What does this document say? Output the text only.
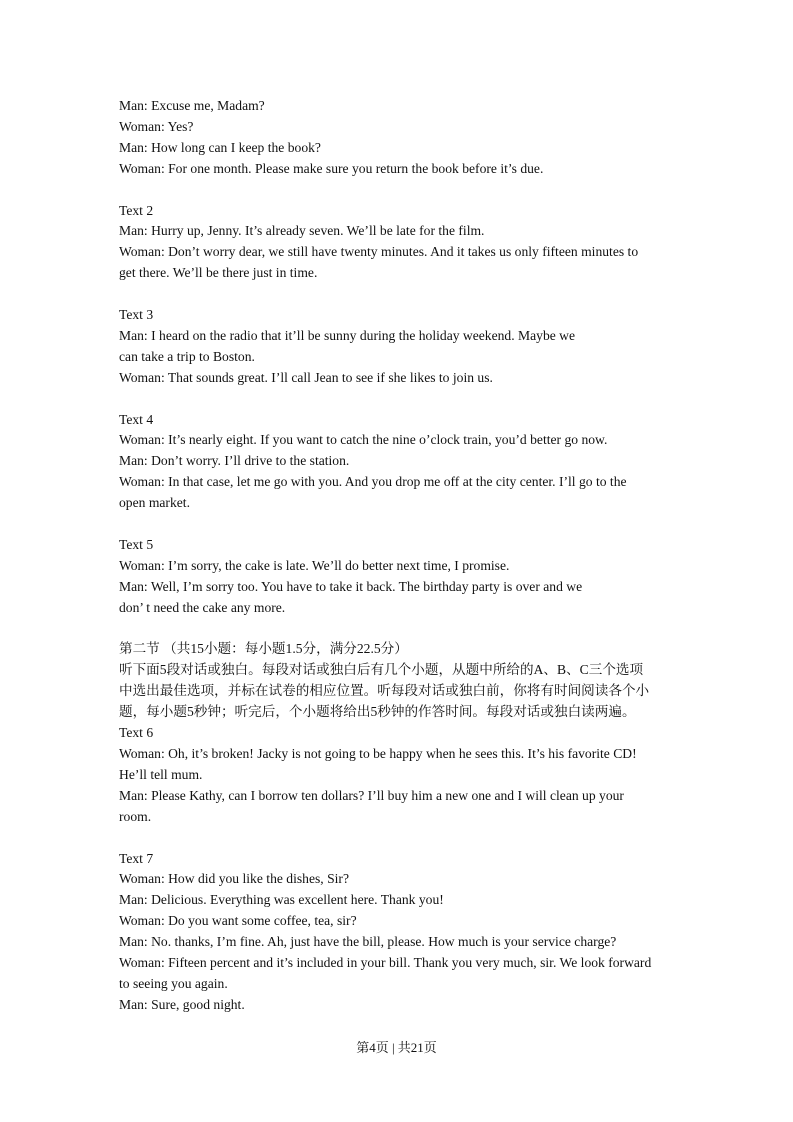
Man: Excuse me, Madam?
Woman: Yes?
Man: How long can I keep the book?
Woman: For one month. Please make sure you return the book before it’s due.
Text 2
Man: Hurry up, Jenny. It’s already seven. We’ll be late for the film.
Woman: Don’t worry dear, we still have twenty minutes. And it takes us only fifteen minutes to
get there. We’ll be there just in time.
Text 3
Man: I heard on the radio that it’ll be sunny during the holiday weekend. Maybe we
can take a trip to Boston.
Woman: That sounds great. I’ll call Jean to see if she likes to join us.
Text 4
Woman: It’s nearly eight. If you want to catch the nine o’clock train, you’d better go now.
Man: Don’t worry. I’ll drive to the station.
Woman: In that case, let me go with you. And you drop me off at the city center. I’ll go to the
open market.
Text 5
Woman: I’m sorry, the cake is late. We’ll do better next time, I promise.
Man: Well, I’m sorry too. You have to take it back. The birthday party is over and we
don’ t need the cake any more.
第二节 （共15小题：每小题1.5分，满分22.5分）
听下面5段对话或独白。每段对话或独白后有几个小题，从题中所给的A、B、C三个选项
中选出最佳选项，并标在试卷的相应位置。听每段对话或独白前，你将有时间阅读各个小
题，每小题5秒钟；听完后，个小题将给出5秒钟的作答时间。每段对话或独白读两遍。
Text 6
Woman: Oh, it’s broken! Jacky is not going to be happy when he sees this. It’s his favorite CD!
He’ll tell mum.
Man: Please Kathy, can I borrow ten dollars? I’ll buy him a new one and I will clean up your
room.
Text 7
Woman: How did you like the dishes, Sir?
Man: Delicious. Everything was excellent here. Thank you!
Woman: Do you want some coffee, tea, sir?
Man: No. thanks, I’m fine. Ah, just have the bill, please. How much is your service charge?
Woman: Fifteen percent and it’s included in your bill. Thank you very much, sir. We look forward
to seeing you again.
Man: Sure, good night.
第4页 | 共21页
